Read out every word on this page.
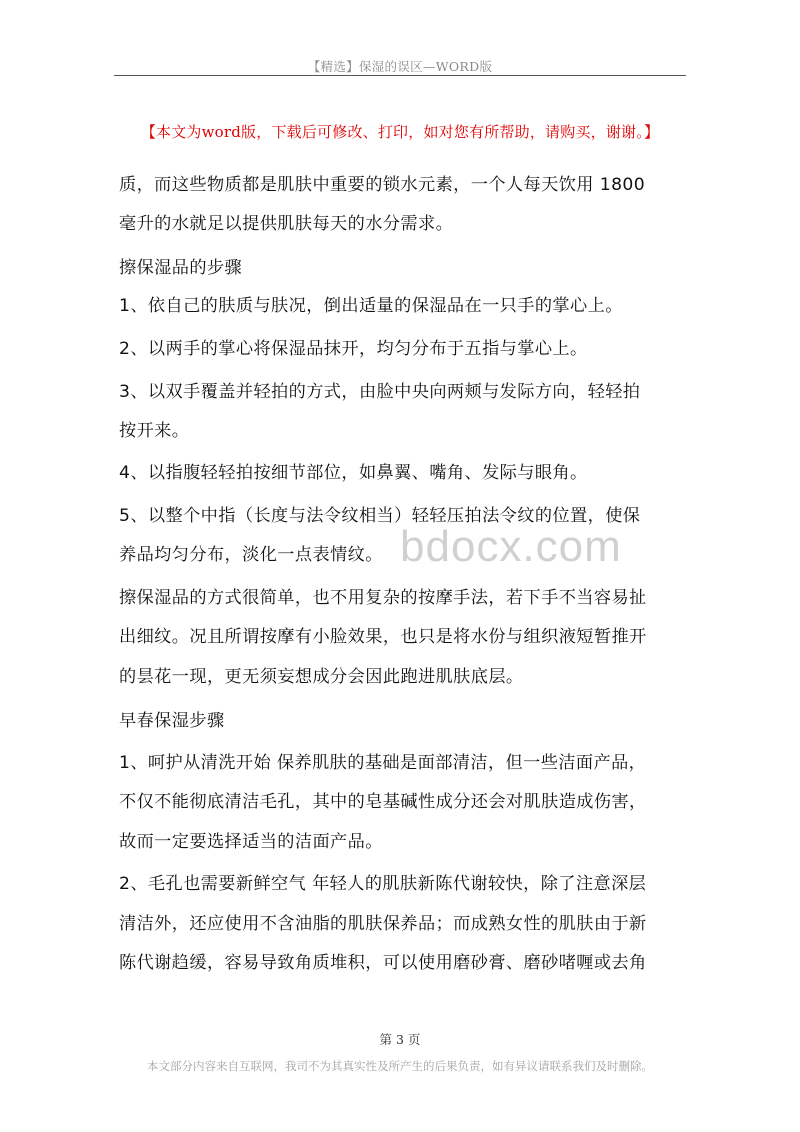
【精选】保湿的误区—WORD版
【本文为word版，下载后可修改、打印，如对您有所帮助，请购买，谢谢。】
质，而这些物质都是肌肤中重要的锁水元素，一个人每天饮用 1800
毫升的水就足以提供肌肤每天的水分需求。
擦保湿品的步骤
1、依自己的肤质与肤况，倒出适量的保湿品在一只手的掌心上。
2、以两手的掌心将保湿品抹开，均匀分布于五指与掌心上。
3、以双手覆盖并轻拍的方式，由脸中央向两颊与发际方向，轻轻拍
按开来。
4、以指腹轻轻拍按细节部位，如鼻翼、嘴角、发际与眼角。
5、以整个中指（长度与法令纹相当）轻轻压拍法令纹的位置，使保
养品均匀分布，淡化一点表情纹。
擦保湿品的方式很简单，也不用复杂的按摩手法，若下手不当容易扯
出细纹。况且所谓按摩有小脸效果，也只是将水份与组织液短暂推开
的昙花一现，更无须妄想成分会因此跑进肌肤底层。
早春保湿步骤
1、呵护从清洗开始 保养肌肤的基础是面部清洁，但一些洁面产品，
不仅不能彻底清洁毛孔，其中的皂基碱性成分还会对肌肤造成伤害，
故而一定要选择适当的洁面产品。
2、毛孔也需要新鲜空气 年轻人的肌肤新陈代谢较快，除了注意深层
清洁外，还应使用不含油脂的肌肤保养品；而成熟女性的肌肤由于新
陈代谢趋缓，容易导致角质堆积，可以使用磨砂膏、磨砂啫喱或去角
bdocx.com
第 3 页
本文部分内容来自互联网，我司不为其真实性及所产生的后果负责，如有异议请联系我们及时删除。
